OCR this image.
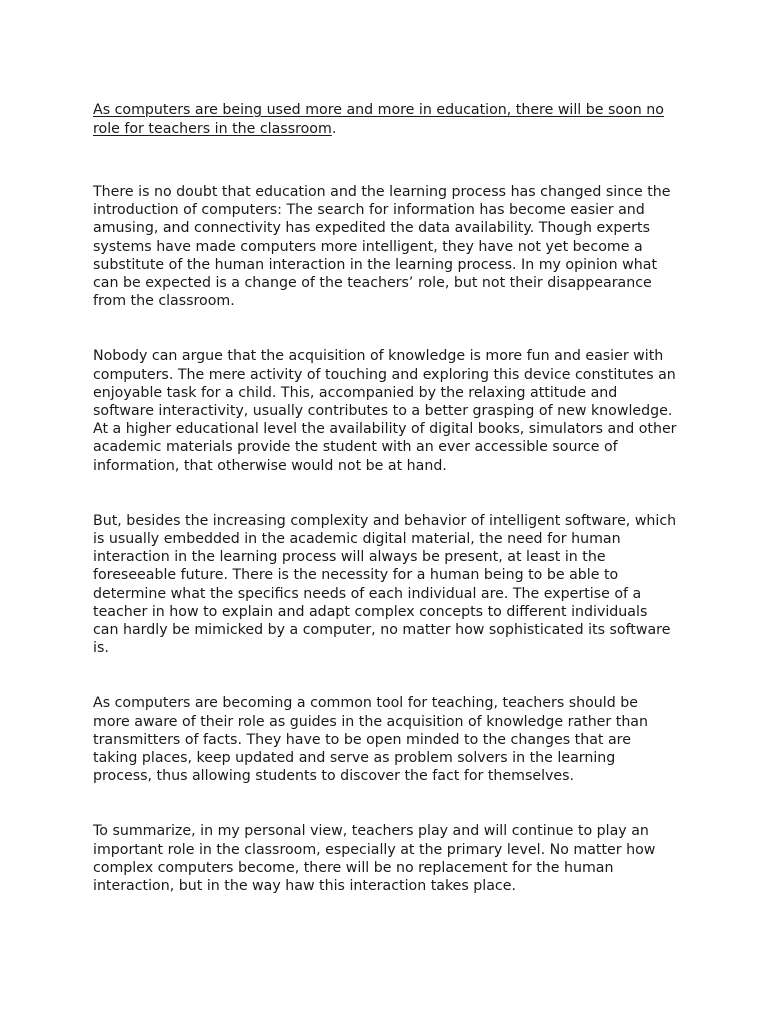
As computers are being used more and more in education, there will be soon no role for teachers in the classroom.

There is no doubt that education and the learning process has changed since the introduction of computers: The search for information has become easier and amusing, and connectivity has expedited the data availability. Though experts systems have made computers more intelligent, they have not yet become a substitute of the human interaction in the learning process. In my opinion what can be expected is a change of the teachers’ role, but not their disappearance from the classroom.

Nobody can argue that the acquisition of knowledge is more fun and easier with computers. The mere activity of touching and exploring this device constitutes an enjoyable task for a child. This, accompanied by the relaxing attitude and software interactivity, usually contributes to a better grasping of new knowledge. At a higher educational level the availability of digital books, simulators and other academic materials provide the student with an ever accessible source of information, that otherwise would not be at hand.

But, besides the increasing complexity and behavior of intelligent software, which is usually embedded in the academic digital material, the need for human interaction in the learning process will always be present, at least in the foreseeable future. There is the necessity for a human being to be able to determine what the specifics needs of each individual are. The expertise of a teacher in how to explain and adapt complex concepts to different individuals can hardly be mimicked by a computer, no matter how sophisticated its software is.

As computers are becoming a common tool for teaching, teachers should be more aware of their role as guides in the acquisition of knowledge rather than transmitters of facts. They have to be open minded to the changes that are taking places, keep updated and serve as problem solvers in the learning process, thus allowing students to discover the fact for themselves.

To summarize, in my personal view, teachers play and will continue to play an important role in the classroom, especially at the primary level. No matter how complex computers become, there will be no replacement for the human interaction, but in the way haw this interaction takes place.
